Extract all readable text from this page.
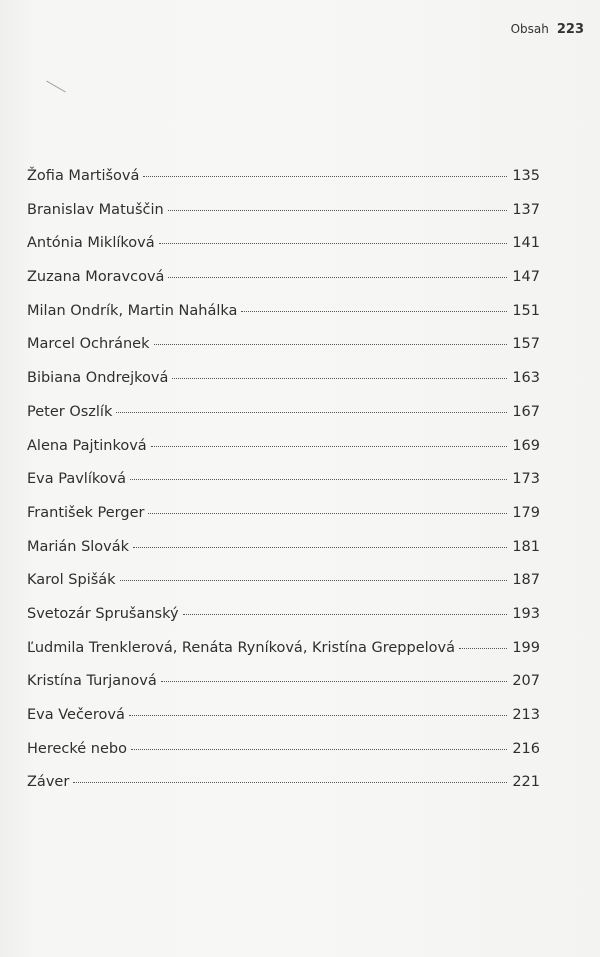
Obsah 223
Žofia Martišová	135
Branislav Matuščin	137
Antónia Miklíková	141
Zuzana Moravcová	147
Milan Ondrík, Martin Nahálka	151
Marcel Ochránek	157
Bibiana Ondrejková	163
Peter Oszlík	167
Alena Pajtinková	169
Eva Pavlíková	173
František Perger	179
Marián Slovák	181
Karol Spišák	187
Svetozár Sprušanský	193
Ľudmila Trenklerová, Renáta Ryníková, Kristína Greppelová	199
Kristína Turjanová	207
Eva Večerová	213
Herecké nebo	216
Záver	221
